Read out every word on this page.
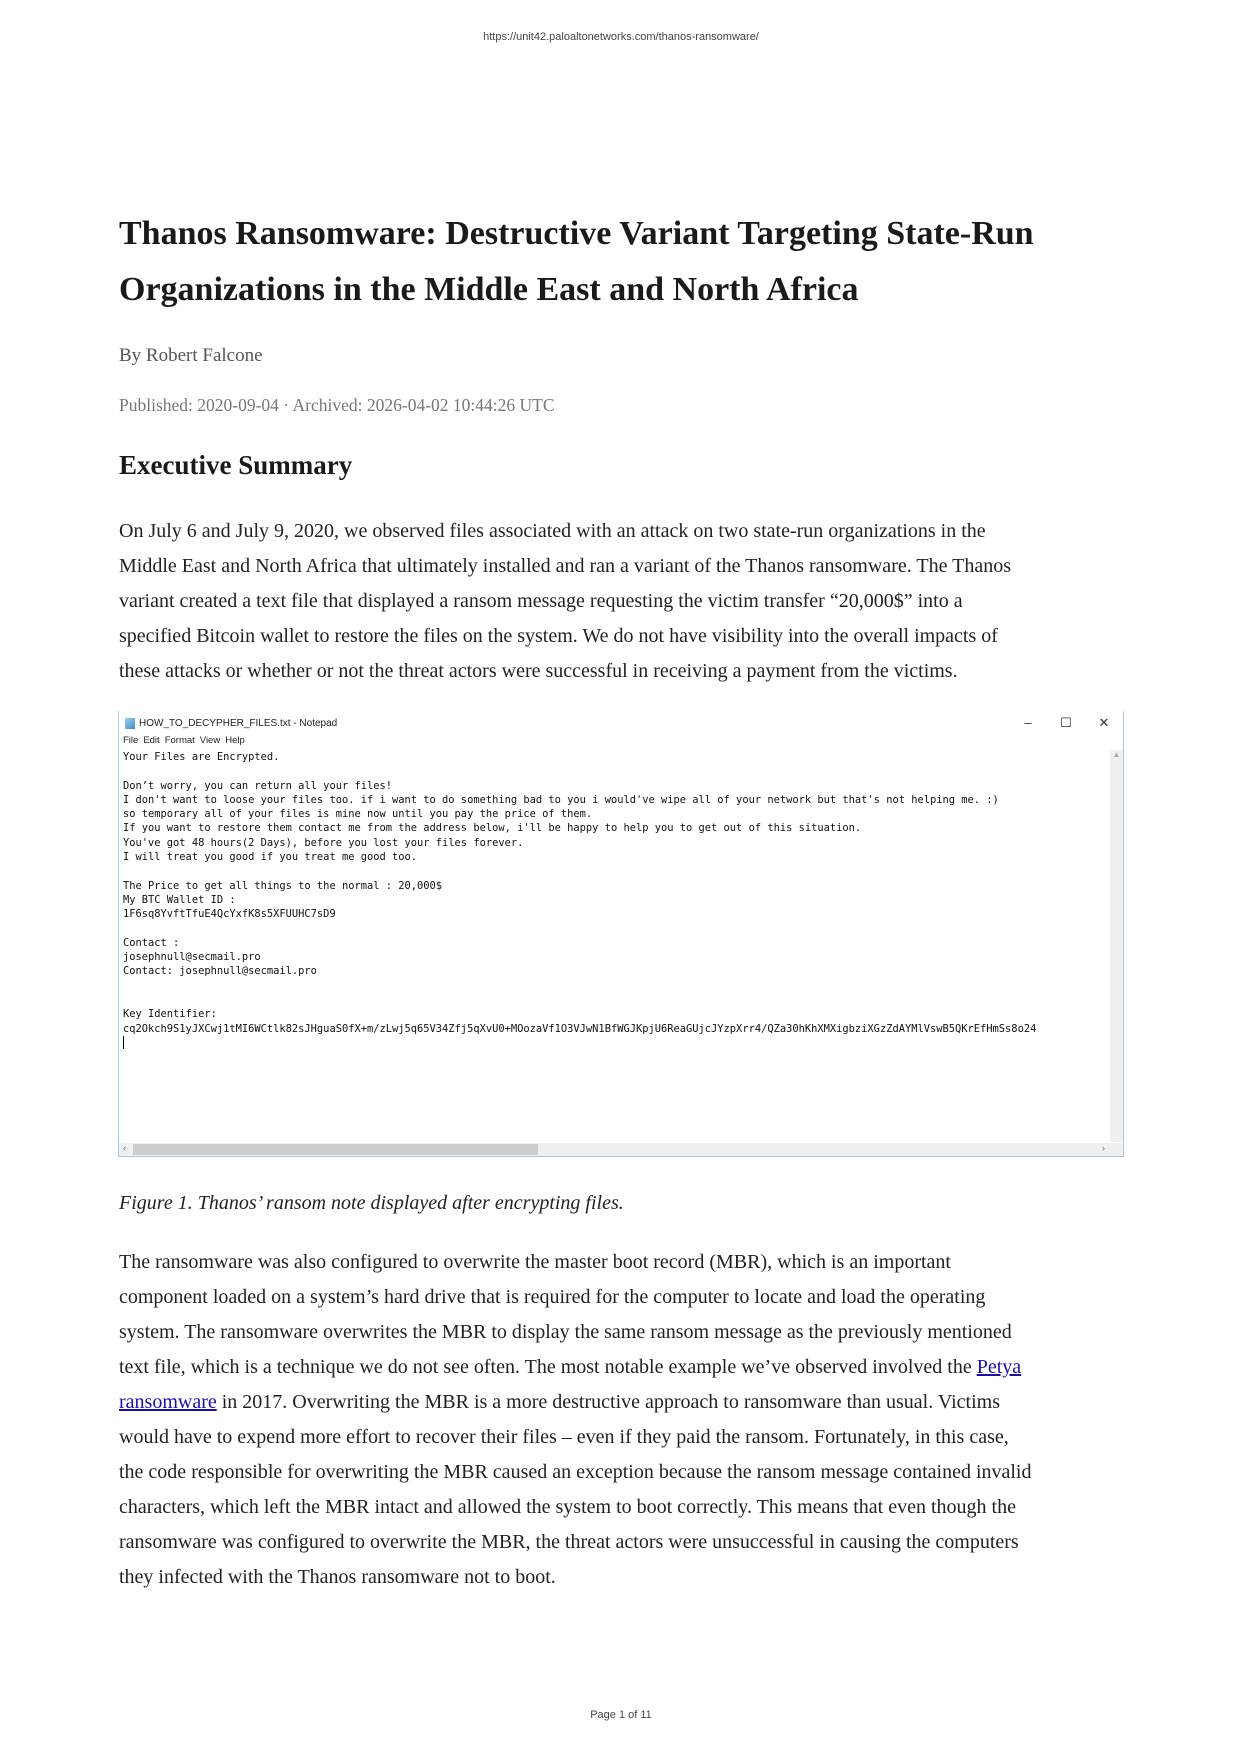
https://unit42.paloaltonetworks.com/thanos-ransomware/
Thanos Ransomware: Destructive Variant Targeting State-Run
Organizations in the Middle East and North Africa
By Robert Falcone
Published: 2020-09-04 · Archived: 2026-04-02 10:44:26 UTC
Executive Summary
On July 6 and July 9, 2020, we observed files associated with an attack on two state-run organizations in the
Middle East and North Africa that ultimately installed and ran a variant of the Thanos ransomware. The Thanos
variant created a text file that displayed a ransom message requesting the victim transfer “20,000$” into a
specified Bitcoin wallet to restore the files on the system. We do not have visibility into the overall impacts of
these attacks or whether or not the threat actors were successful in receiving a payment from the victims.
HOW_TO_DECYPHER_FILES.txt - Notepad	–	☐	✕
File Edit Format View Help
Your Files are Encrypted.
Don’t worry, you can return all your files!
I don't want to loose your files too. if i want to do something bad to you i would've wipe all of your network but that's not helping me. :)
so temporary all of your files is mine now until you pay the price of them.
If you want to restore them contact me from the address below, i'll be happy to help you to get out of this situation.
You've got 48 hours(2 Days), before you lost your files forever.
I will treat you good if you treat me good too.
The Price to get all things to the normal : 20,000$
My BTC Wallet ID :
1F6sq8YvftTfuE4QcYxfK8s5XFUUHC7sD9
Contact :
josephnull@secmail.pro
Contact: josephnull@secmail.pro
Key Identifier:
cq2Okch9S1yJXCwj1tMI6WCtlk82sJHguaS0fX+m/zLwj5q65V34Zfj5qXvU0+MOozaVf1O3VJwN1BfWGJKpjU6ReaGUjcJYzpXrr4/QZa30hKhXMXigbziXGzZdAYMlVswB5QKrEfHmSs8o24
▲
‹	›
Figure 1. Thanos’ ransom note displayed after encrypting files.
The ransomware was also configured to overwrite the master boot record (MBR), which is an important
component loaded on a system’s hard drive that is required for the computer to locate and load the operating
system. The ransomware overwrites the MBR to display the same ransom message as the previously mentioned
text file, which is a technique we do not see often. The most notable example we’ve observed involved the Petya
ransomware in 2017. Overwriting the MBR is a more destructive approach to ransomware than usual. Victims
would have to expend more effort to recover their files – even if they paid the ransom. Fortunately, in this case,
the code responsible for overwriting the MBR caused an exception because the ransom message contained invalid
characters, which left the MBR intact and allowed the system to boot correctly. This means that even though the
ransomware was configured to overwrite the MBR, the threat actors were unsuccessful in causing the computers
they infected with the Thanos ransomware not to boot.
Page 1 of 11
